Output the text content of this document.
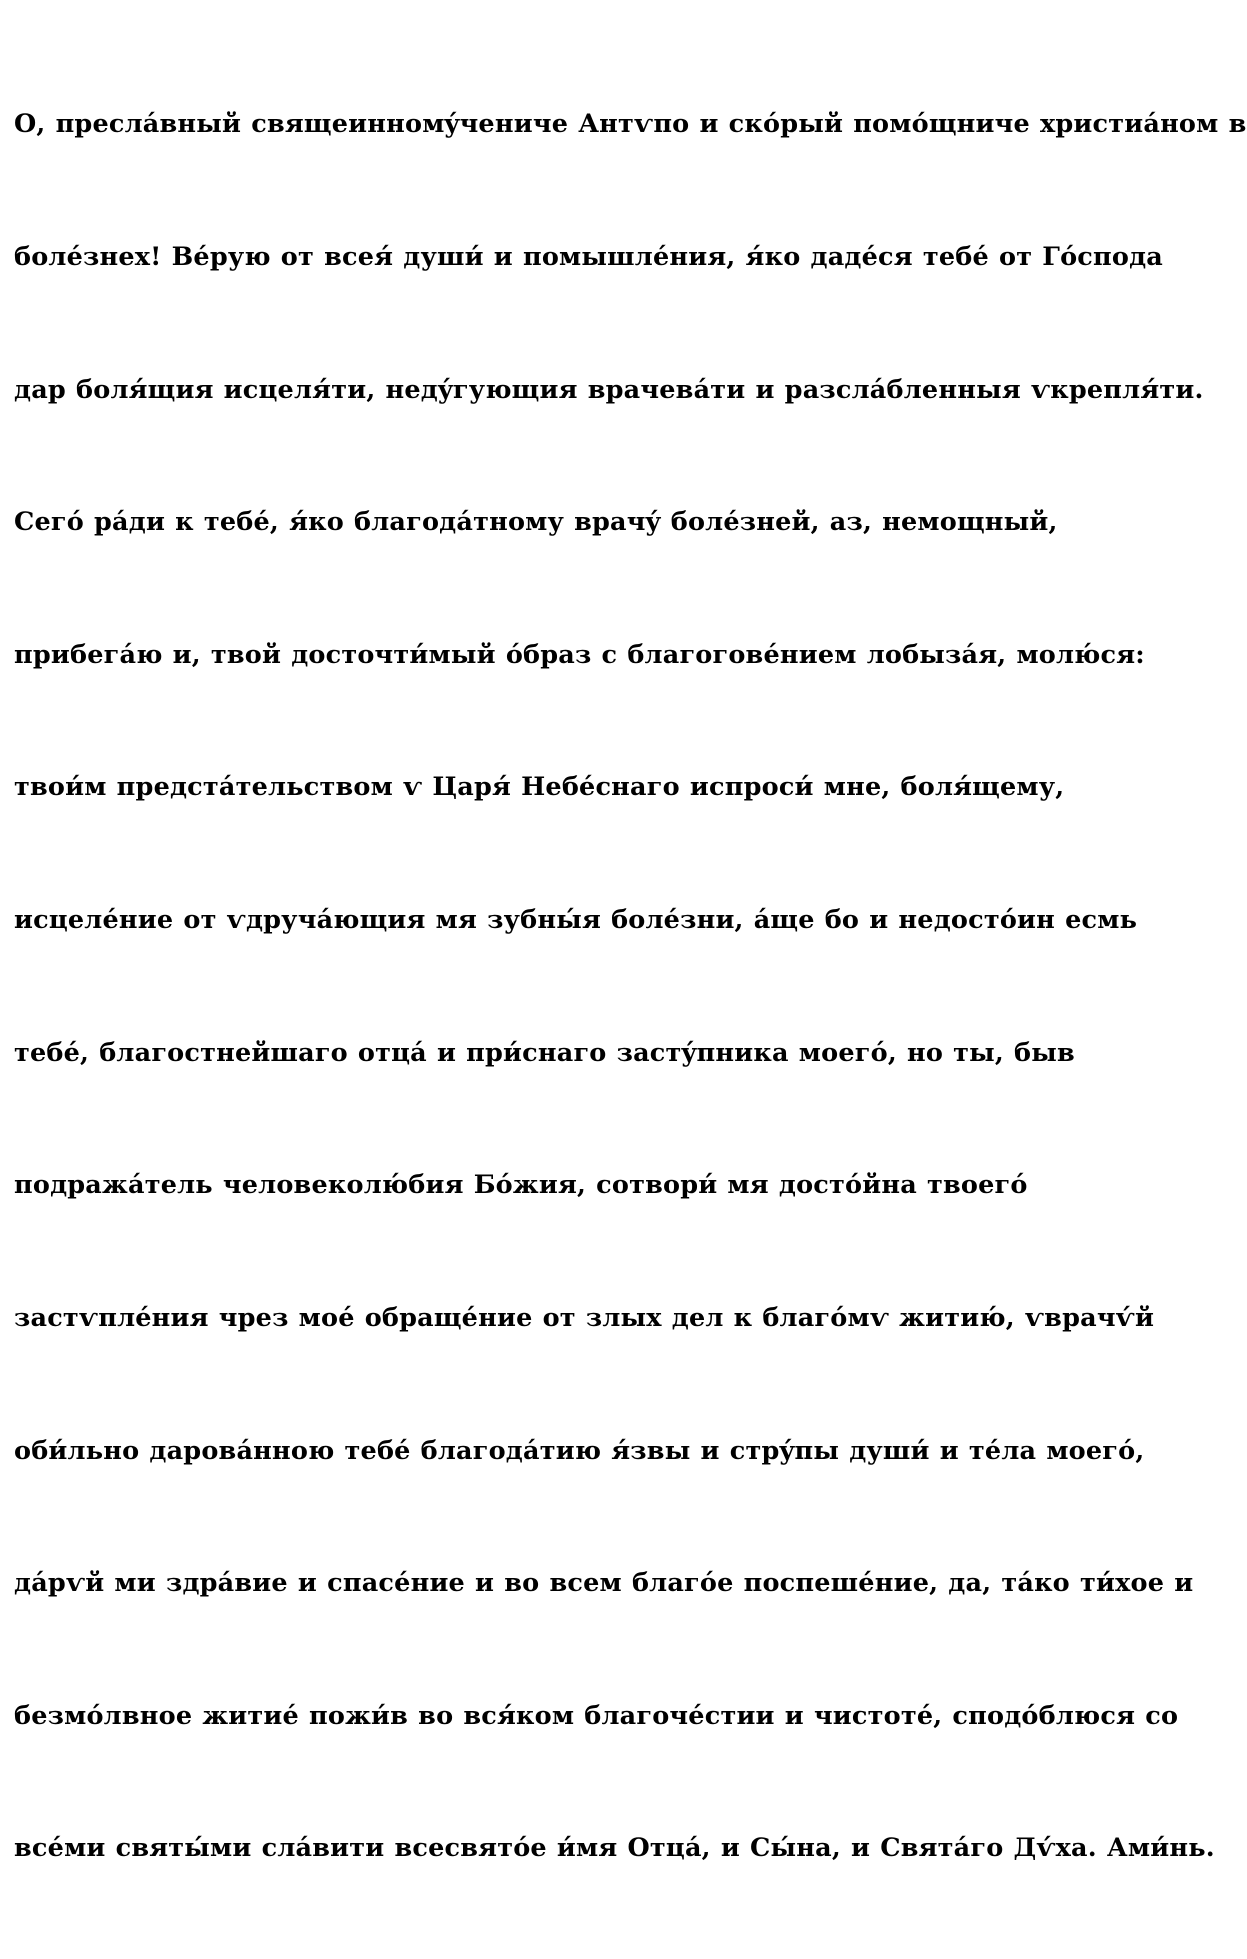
О, преслáвный свящеинномýчениче Антѵпо и скóрый помóщниче христиáном в

болéзнех! Вéрую от всея́ души́ и помышлéния, я́ко дадéся тебé от Гóспода

дар боля́щия исцеля́ти, недýгующия врачевáти и разслáбленныя ѵкрепля́ти.

Сегó рáди к тебé, я́ко благодáтному врачý болéзней, аз, немощный,

прибегáю и, твой досточти́мый óбраз с благоговéнием лобызáя, молю́ся:

твои́м предстáтельством ѵ Царя́ Небéснаго испроси́ мне, боля́щему,

исцелéние от ѵдручáющия мя зубны́я болéзни, áще бо и недостóин есмь

тебé, благостнейшаго отцá и при́снаго застýпника моегó, но ты, быв

подражáтель человеколю́бия Бóжия, сотвори́ мя достóйна твоегó

застѵплéния чрез моé обращéние от злых дел к благóмѵ житию́, ѵврачѵ́й

оби́льно даровáнною тебé благодáтию я́звы и стрýпы души́ и тéла моегó,

дáрѵй ми здрáвие и спасéние и во всем благóе поспешéние, да, тáко ти́хое и

безмóлвное житиé пожи́в во вся́ком благочéстии и чистотé, сподóблюся со

всéми святы́ми слáвити всесвятóе и́мя Отцá, и Сы́на, и Святáго Дѵ́ха. Ами́нь.
